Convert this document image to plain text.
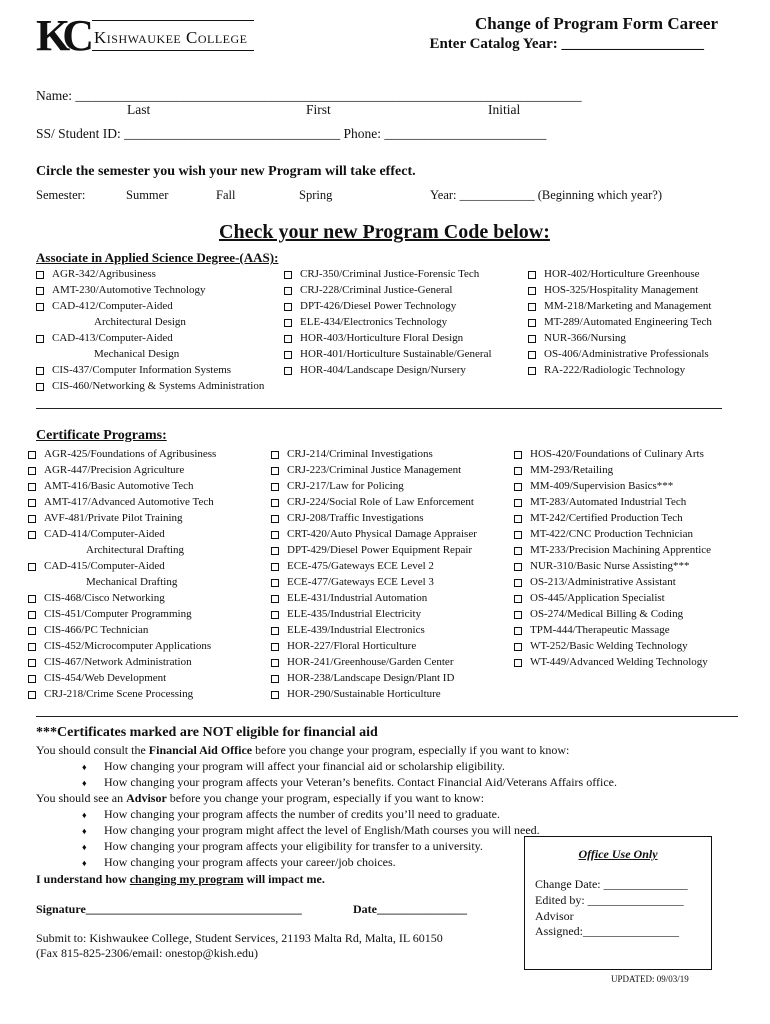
KC Kishwaukee College
Change of Program Form Career
Enter Catalog Year: ___________________
Name: ___________________________________________________________________________
Last	First	Initial
SS/ Student ID: ________________________________ Phone: ________________________
Circle the semester you wish your new Program will take effect.
Semester:	Summer	Fall	Spring	Year: ____________ (Beginning which year?)
Check your new Program Code below:
Associate in Applied Science Degree-(AAS):
AGR-342/Agribusiness
AMT-230/Automotive Technology
CAD-412/Computer-Aided
Architectural Design
CAD-413/Computer-Aided
Mechanical Design
CIS-437/Computer Information Systems
CIS-460/Networking & Systems Administration
CRJ-350/Criminal Justice-Forensic Tech
CRJ-228/Criminal Justice-General
DPT-426/Diesel Power Technology
ELE-434/Electronics Technology
HOR-403/Horticulture Floral Design
HOR-401/Horticulture Sustainable/General
HOR-404/Landscape Design/Nursery
HOR-402/Horticulture Greenhouse
HOS-325/Hospitality Management
MM-218/Marketing and Management
MT-289/Automated Engineering Tech
NUR-366/Nursing
OS-406/Administrative Professionals
RA-222/Radiologic Technology
Certificate Programs:
AGR-425/Foundations of Agribusiness
AGR-447/Precision Agriculture
AMT-416/Basic Automotive Tech
AMT-417/Advanced Automotive Tech
AVF-481/Private Pilot Training
CAD-414/Computer-Aided
Architectural Drafting
CAD-415/Computer-Aided
Mechanical Drafting
CIS-468/Cisco Networking
CIS-451/Computer Programming
CIS-466/PC Technician
CIS-452/Microcomputer Applications
CIS-467/Network Administration
CIS-454/Web Development
CRJ-218/Crime Scene Processing
CRJ-214/Criminal Investigations
CRJ-223/Criminal Justice Management
CRJ-217/Law for Policing
CRJ-224/Social Role of Law Enforcement
CRJ-208/Traffic Investigations
CRT-420/Auto Physical Damage Appraiser
DPT-429/Diesel Power Equipment Repair
ECE-475/Gateways ECE Level 2
ECE-477/Gateways ECE Level 3
ELE-431/Industrial Automation
ELE-435/Industrial Electricity
ELE-439/Industrial Electronics
HOR-227/Floral Horticulture
HOR-241/Greenhouse/Garden Center
HOR-238/Landscape Design/Plant ID
HOR-290/Sustainable Horticulture
HOS-420/Foundations of Culinary Arts
MM-293/Retailing
MM-409/Supervision Basics***
MT-283/Automated Industrial Tech
MT-242/Certified Production Tech
MT-422/CNC Production Technician
MT-233/Precision Machining Apprentice
NUR-310/Basic Nurse Assisting***
OS-213/Administrative Assistant
OS-445/Application Specialist
OS-274/Medical Billing & Coding
TPM-444/Therapeutic Massage
WT-252/Basic Welding Technology
WT-449/Advanced Welding Technology
***Certificates marked are NOT eligible for financial aid
You should consult the Financial Aid Office before you change your program, especially if you want to know:
♦ How changing your program will affect your financial aid or scholarship eligibility.
♦ How changing your program affects your Veteran’s benefits. Contact Financial Aid/Veterans Affairs office.
You should see an Advisor before you change your program, especially if you want to know:
♦ How changing your program affects the number of credits you’ll need to graduate.
♦ How changing your program might affect the level of English/Math courses you will need.
♦ How changing your program affects your eligibility for transfer to a university.
♦ How changing your program affects your career/job choices.
I understand how changing my program will impact me.
Signature____________________________________	Date_______________
Submit to: Kishwaukee College, Student Services, 21193 Malta Rd, Malta, IL 60150
(Fax 815-825-2306/email: onestop@kish.edu)
Office Use Only
Change Date: ______________
Edited by: ________________
Advisor
Assigned:________________
UPDATED: 09/03/19
